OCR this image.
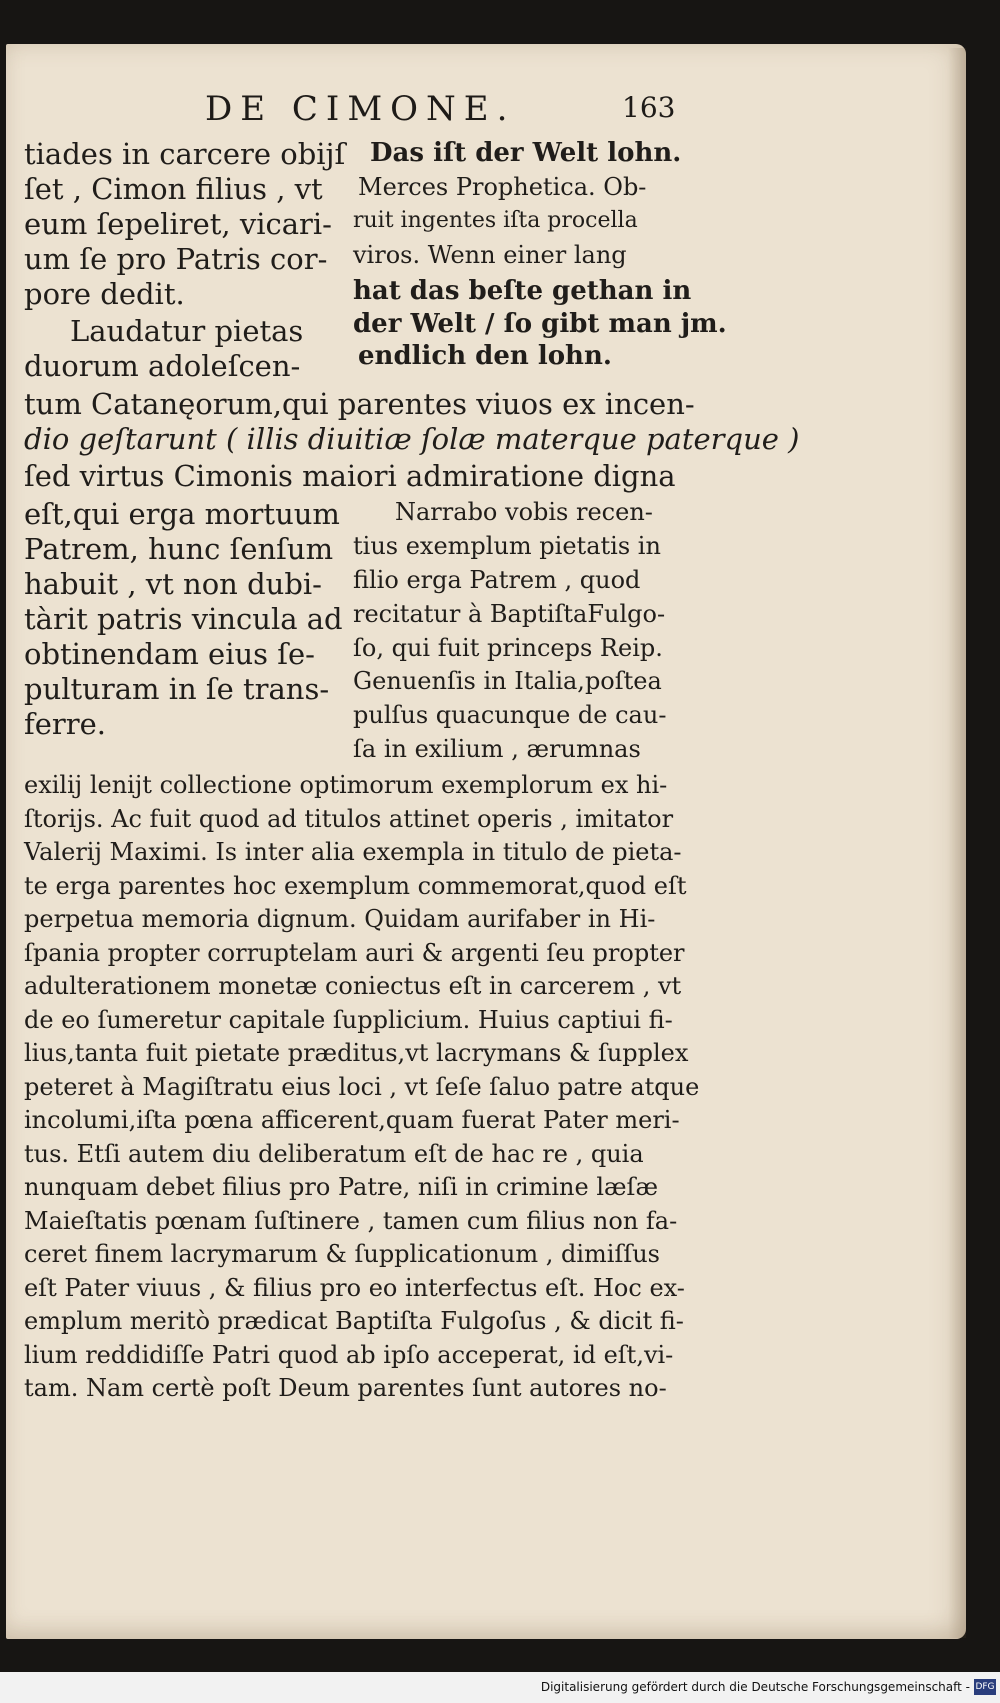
DE CIMONE.	163
tiades in carcere obijſ
ſet , Cimon filius , vt
eum ſepeliret, vicari-
um ſe pro Patris cor-
pore dedit.
Laudatur pietas
duorum adoleſcen-
Das iſt der Welt lohn.
Merces Prophetica. Ob-
ruit ingentes iſta procella
viros. Wenn einer lang
hat das beſte gethan in
der Welt / ſo gibt man jm.
endlich den lohn.
tum Catanęorum,qui parentes viuos ex incen-
dio geſtarunt ( illis diuitiæ ſolæ materque paterque )
ſed virtus Cimonis maiori admiratione digna
eſt,qui erga mortuum
Patrem, hunc ſenſum
habuit , vt non dubi-
tàrit patris vincula ad
obtinendam eius ſe-
pulturam in ſe trans-
ferre.
Narrabo vobis recen-
tius exemplum pietatis in
filio erga Patrem , quod
recitatur à BaptiſtaFulgo-
ſo, qui fuit princeps Reip.
Genuenſis in Italia,poſtea
pulſus quacunque de cau-
ſa in exilium , ærumnas
exilij lenijt collectione optimorum exemplorum ex hi-
ſtorijs. Ac fuit quod ad titulos attinet operis , imitator
Valerij Maximi. Is inter alia exempla in titulo de pieta-
te erga parentes hoc exemplum commemorat,quod eſt
perpetua memoria dignum. Quidam aurifaber in Hi-
ſpania propter corruptelam auri & argenti ſeu propter
adulterationem monetæ coniectus eſt in carcerem , vt
de eo ſumeretur capitale ſupplicium. Huius captiui fi-
lius,tanta fuit pietate præditus,vt lacrymans & ſupplex
peteret à Magiſtratu eius loci , vt ſeſe ſaluo patre atque
incolumi,iſta pœna afficerent,quam fuerat Pater meri-
tus. Etſi autem diu deliberatum eſt de hac re , quia
nunquam debet filius pro Patre, niſi in crimine læſæ
Maieſtatis pœnam ſuſtinere , tamen cum filius non fa-
ceret finem lacrymarum & ſupplicationum , dimiſſus
eſt Pater viuus , & filius pro eo interfectus eſt. Hoc ex-
emplum meritò prædicat Baptiſta Fulgoſus , & dicit fi-
lium reddidiſſe Patri quod ab ipſo acceperat, id eſt,vi-
tam. Nam certè poſt Deum parentes ſunt autores no-
Digitalisierung gefördert durch die Deutsche Forschungsgemeinschaft - DFG
